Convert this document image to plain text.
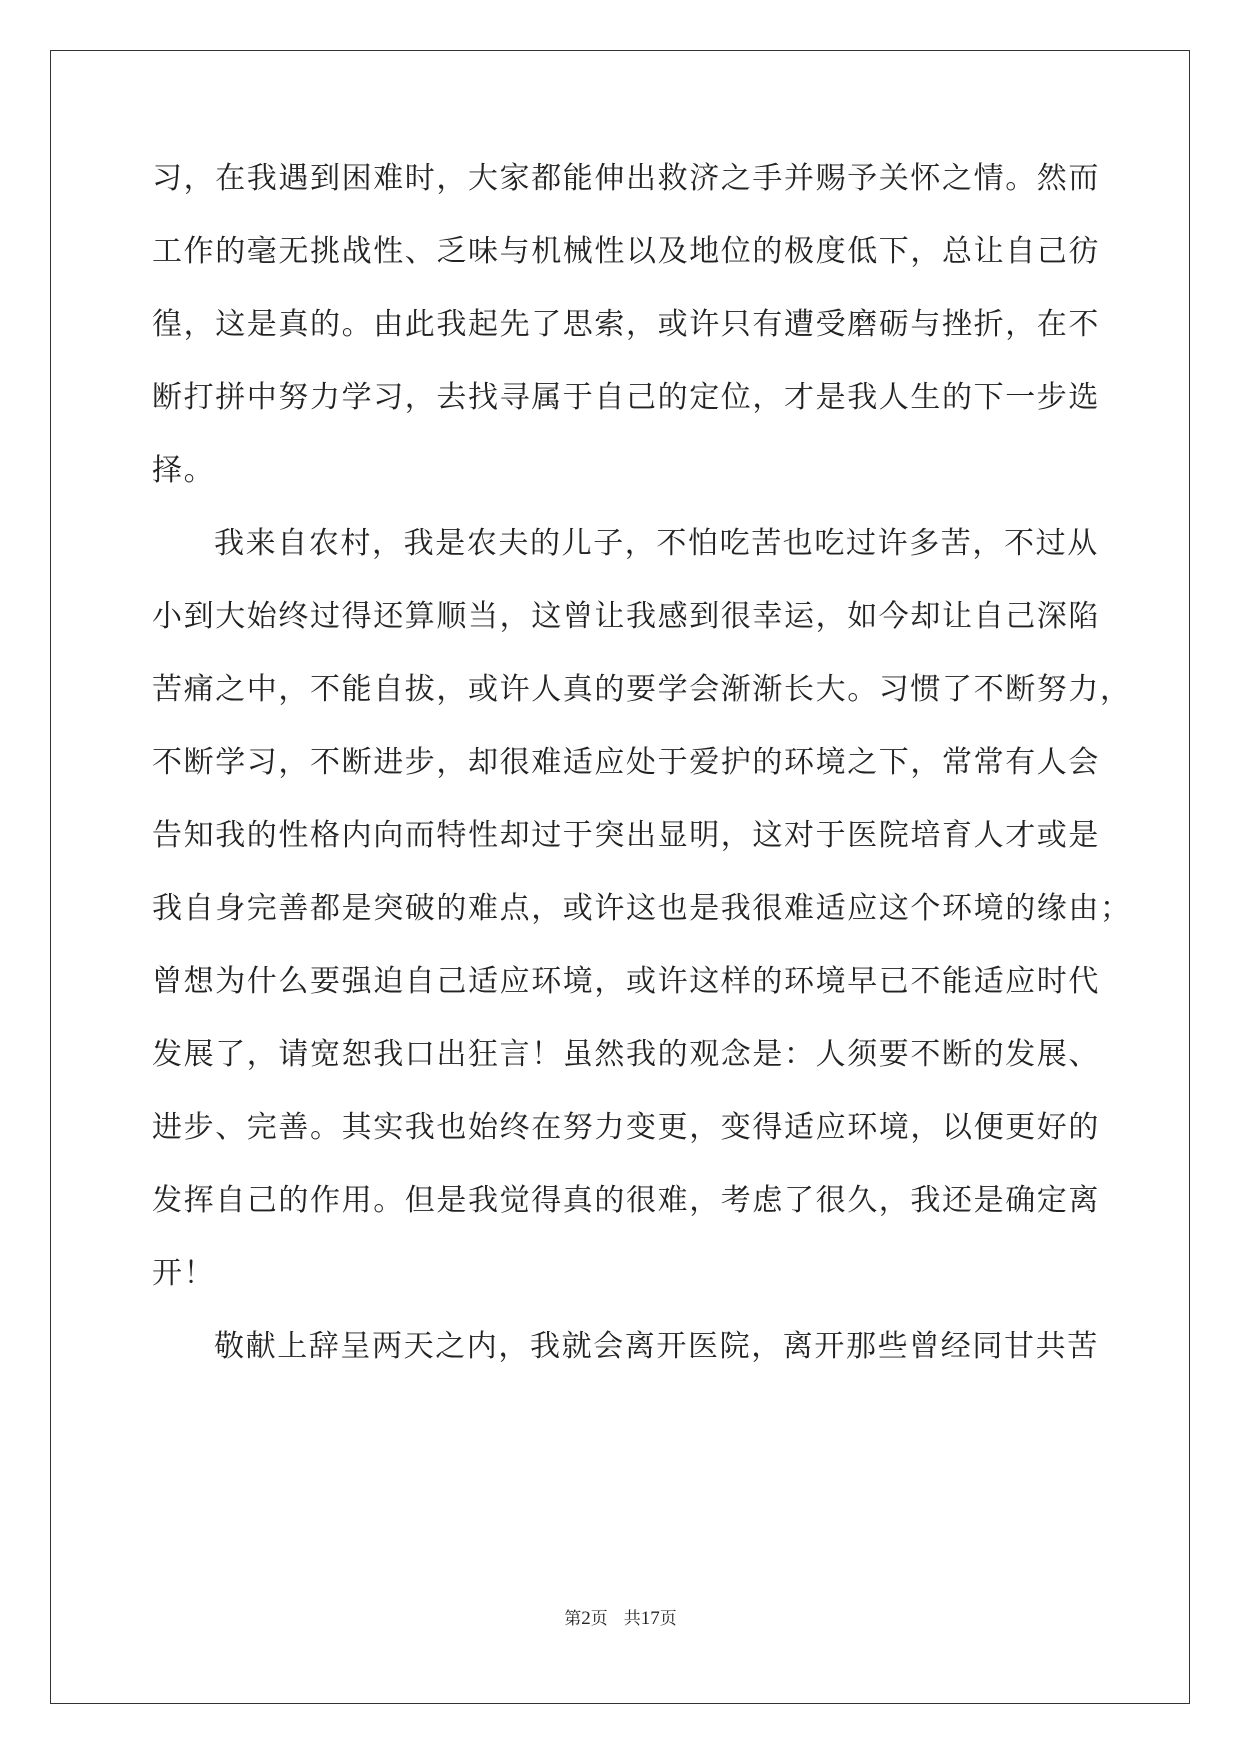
习，在我遇到困难时，大家都能伸出救济之手并赐予关怀之情。然而
工作的毫无挑战性、乏味与机械性以及地位的极度低下，总让自己彷
徨，这是真的。由此我起先了思索，或许只有遭受磨砺与挫折，在不
断打拼中努力学习，去找寻属于自己的定位，才是我人生的下一步选
择。
我来自农村，我是农夫的儿子，不怕吃苦也吃过许多苦，不过从
小到大始终过得还算顺当，这曾让我感到很幸运，如今却让自己深陷
苦痛之中，不能自拔，或许人真的要学会渐渐长大。习惯了不断努力，
不断学习，不断进步，却很难适应处于爱护的环境之下，常常有人会
告知我的性格内向而特性却过于突出显明，这对于医院培育人才或是
我自身完善都是突破的难点，或许这也是我很难适应这个环境的缘由；
曾想为什么要强迫自己适应环境，或许这样的环境早已不能适应时代
发展了，请宽恕我口出狂言！虽然我的观念是：人须要不断的发展、
进步、完善。其实我也始终在努力变更，变得适应环境，以便更好的
发挥自己的作用。但是我觉得真的很难，考虑了很久，我还是确定离
开！
敬献上辞呈两天之内，我就会离开医院，离开那些曾经同甘共苦
第2页 共17页
